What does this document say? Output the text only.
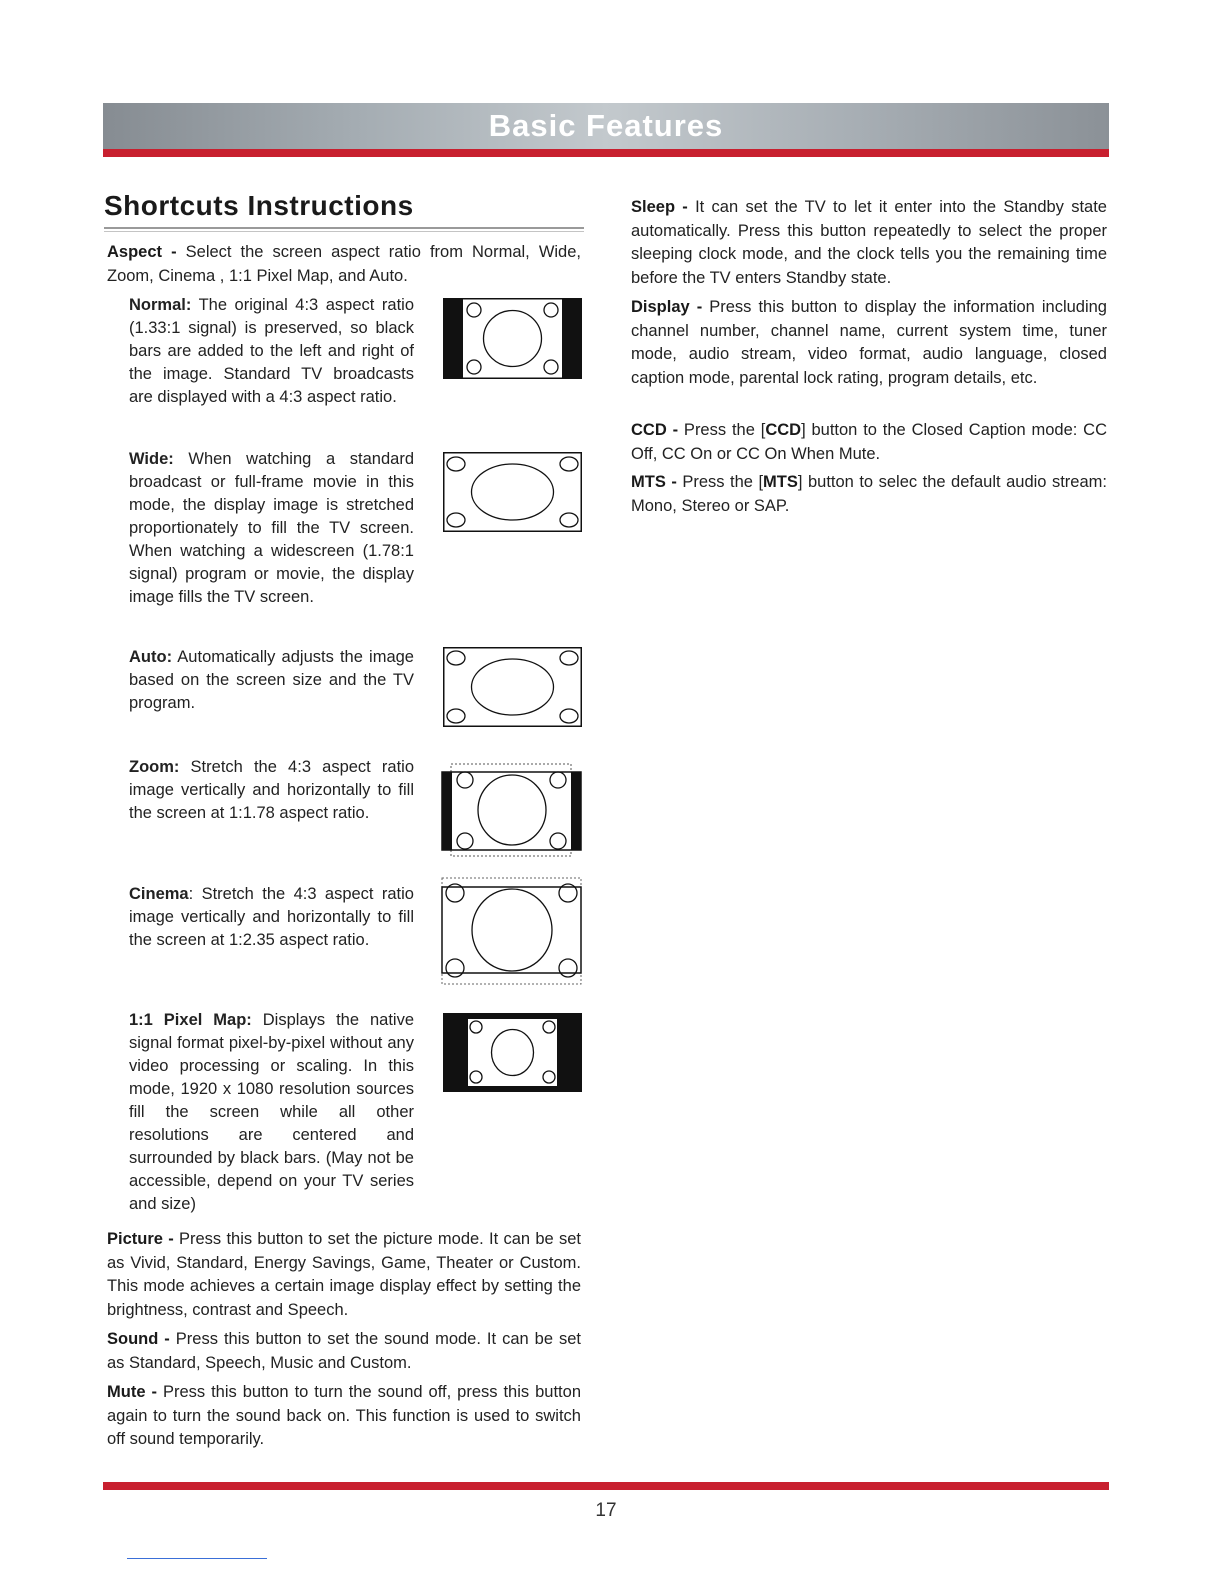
Basic Features
Shortcuts Instructions

Aspect - Select the screen aspect ratio from Normal, Wide, Zoom, Cinema , 1:1 Pixel Map, and Auto.

Normal: The original 4:3 aspect ratio (1.33:1 signal) is preserved, so black bars are added to the left and right of the image. Standard TV broadcasts are displayed with a 4:3 aspect ratio.

Wide: When watching a standard broadcast or full-frame movie in this mode, the display image is stretched proportionately to fill the TV screen. When watching a widescreen (1.78:1 signal) program or movie, the display image fills the TV screen.

Auto: Automatically adjusts the image based on the screen size and the TV program.

Zoom: Stretch the 4:3 aspect ratio image vertically and horizontally to fill the screen at 1:1.78 aspect ratio.

Cinema: Stretch the 4:3 aspect ratio image vertically and horizontally to fill the screen at 1:2.35 aspect ratio.

1:1 Pixel Map: Displays the native signal format pixel-by-pixel without any video processing or scaling. In this mode, 1920 x 1080 resolution sources fill the screen while all other resolutions are centered and surrounded by black bars. (May not be accessible, depend on your TV series and size)

Picture - Press this button to set the picture mode. It can be set as Vivid, Standard, Energy Savings, Game, Theater or Custom. This mode achieves a certain image display effect by setting the brightness, contrast and Speech.

Sound - Press this button to set the sound mode. It can be set as Standard, Speech, Music and Custom.

Mute - Press this button to turn the sound off, press this button again to turn the sound back on. This function is used to switch off sound temporarily.

Sleep - It can set the TV to let it enter into the Standby state automatically. Press this button repeatedly to select the proper sleeping clock mode, and the clock tells you the remaining time before the TV enters Standby state.

Display - Press this button to display the information including channel number, channel name, current system time, tuner mode, audio stream, video format, audio language, closed caption mode, parental lock rating, program details, etc.

CCD - Press the [CCD] button to the Closed Caption mode: CC Off, CC On or CC On When Mute.

MTS - Press the [MTS] button to selec the default audio stream: Mono, Stereo or SAP.

17
